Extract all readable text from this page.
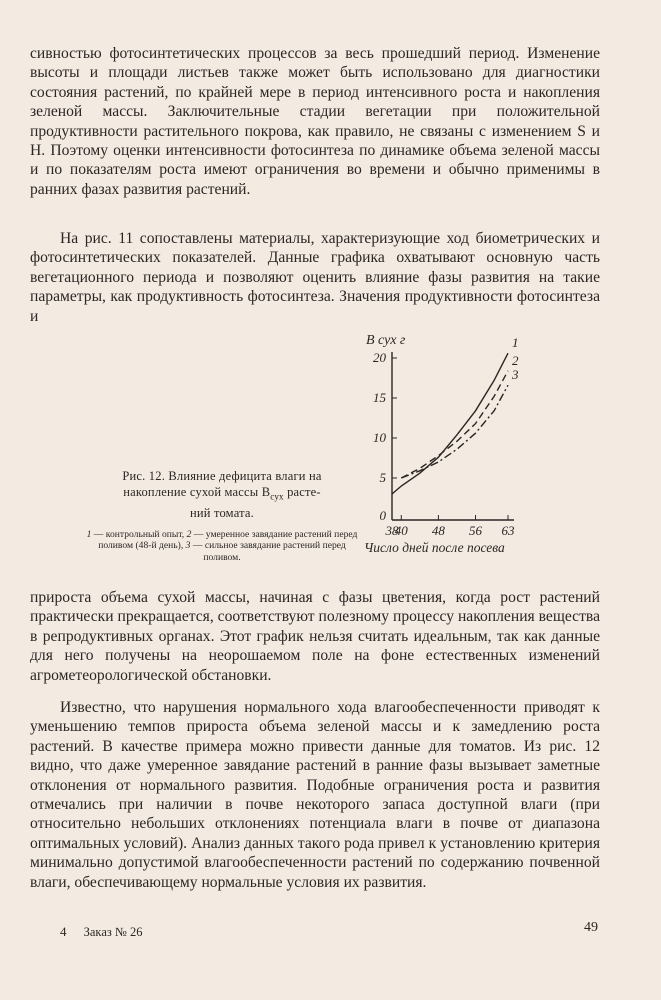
сивностью фотосинтетических процессов за весь прошедший период. Изменение высоты и площади листьев также может быть использовано для диагностики состояния растений, по крайней мере в период интенсивного роста и накопления зеленой массы. Заключительные стадии вегетации при положительной продуктивности растительного покрова, как правило, не связаны с изменением S и H. Поэтому оценки интенсивности фотосинтеза по динамике объема зеленой массы и по показателям роста имеют ограничения во времени и обычно применимы в ранних фазах развития растений.

На рис. 11 сопоставлены материалы, характеризующие ход биометрических и фотосинтетических показателей. Данные графика охватывают основную часть вегетационного периода и позволяют оценить влияние фазы развития на такие параметры, как продуктивность фотосинтеза. Значения продуктивности фотосинтеза и

Рис. 12. Влияние дефицита влаги на
накопление сухой массы $B_{сух}$ расте-
ний томата.

1 — контрольный опыт, 2 — умеренное завядание растений перед поливом (48-й день), 3 — сильное завядание растений перед поливом.

0
5
10
15
20
38
40 48 56 63
1
2
3
B сух г
Число дней после посева

прироста объема сухой массы, начиная с фазы цветения, когда рост растений практически прекращается, соответствуют полезному процессу накопления вещества в репродуктивных органах. Этот график нельзя считать идеальным, так как данные для него получены на неорошаемом поле на фоне естественных изменений агрометеорологической обстановки.

Известно, что нарушения нормального хода влагообеспеченности приводят к уменьшению темпов прироста объема зеленой массы и к замедлению роста растений. В качестве примера можно привести данные для томатов. Из рис. 12 видно, что даже умеренное завядание растений в ранние фазы вызывает заметные отклонения от нормального развития. Подобные ограничения роста и развития отмечались при наличии в почве некоторого запаса доступной влаги (при относительно небольших отклонениях потенциала влаги в почве от диапазона оптимальных условий). Анализ данных такого рода привел к установлению критерия минимально допустимой влагообеспеченности растений по содержанию почвенной влаги, обеспечивающему нормальные условия их развития.

4 Заказ № 26	49
